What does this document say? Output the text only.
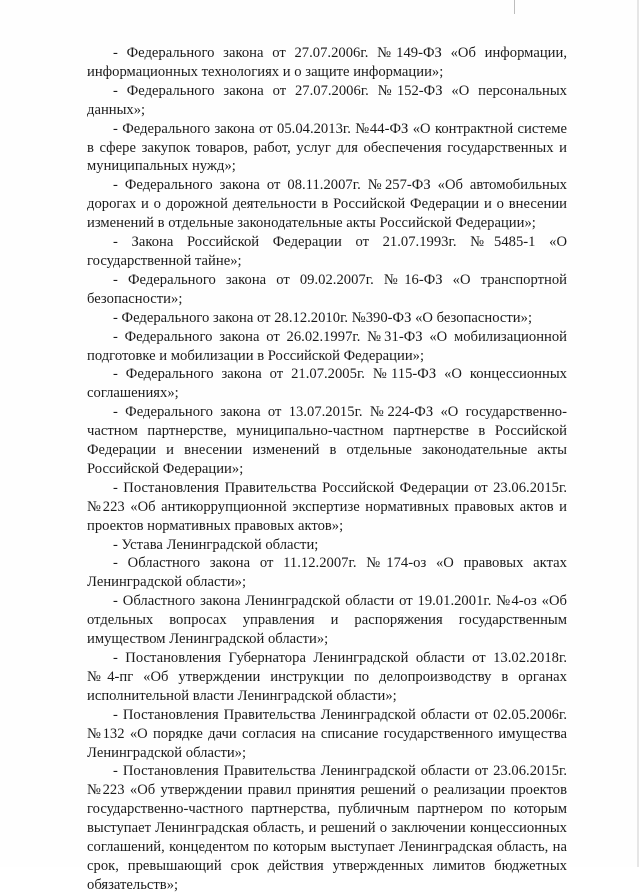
- Федерального закона от 27.07.2006г. №149-ФЗ «Об информации, информационных технологиях и о защите информации»;

- Федерального закона от 27.07.2006г. №152-ФЗ «О персональных данных»;

- Федерального закона от 05.04.2013г. №44-ФЗ «О контрактной системе в сфере закупок товаров, работ, услуг для обеспечения государственных и муниципальных нужд»;

- Федерального закона от 08.11.2007г. №257-ФЗ «Об автомобильных дорогах и о дорожной деятельности в Российской Федерации и о внесении изменений в отдельные законодательные акты Российской Федерации»;

- Закона Российской Федерации от 21.07.1993г. №5485-1 «О государственной тайне»;

- Федерального закона от 09.02.2007г. №16-ФЗ «О транспортной безопасности»;

- Федерального закона от 28.12.2010г. №390-ФЗ «О безопасности»;

- Федерального закона от 26.02.1997г. №31-ФЗ «О мобилизационной подготовке и мобилизации в Российской Федерации»;

- Федерального закона от 21.07.2005г. №115-ФЗ «О концессионных соглашениях»;

- Федерального закона от 13.07.2015г. №224-ФЗ «О государственно-частном партнерстве, муниципально-частном партнерстве в Российской Федерации и внесении изменений в отдельные законодательные акты Российской Федерации»;

- Постановления Правительства Российской Федерации от 23.06.2015г. №223 «Об антикоррупционной экспертизе нормативных правовых актов и проектов нормативных правовых актов»;

- Устава Ленинградской области;

- Областного закона от 11.12.2007г. №174-оз «О правовых актах Ленинградской области»;

- Областного закона Ленинградской области от 19.01.2001г. №4-оз «Об отдельных вопросах управления и распоряжения государственным имуществом Ленинградской области»;

- Постановления Губернатора Ленинградской области от 13.02.2018г. №4-пг «Об утверждении инструкции по делопроизводству в органах исполнительной власти Ленинградской области»;

- Постановления Правительства Ленинградской области от 02.05.2006г. №132 «О порядке дачи согласия на списание государственного имущества Ленинградской области»;

- Постановления Правительства Ленинградской области от 23.06.2015г. №223 «Об утверждении правил принятия решений о реализации проектов государственно-частного партнерства, публичным партнером по которым выступает Ленинградская область, и решений о заключении концессионных соглашений, концедентом по которым выступает Ленинградская область, на срок, превышающий срок действия утвержденных лимитов бюджетных обязательств»;
